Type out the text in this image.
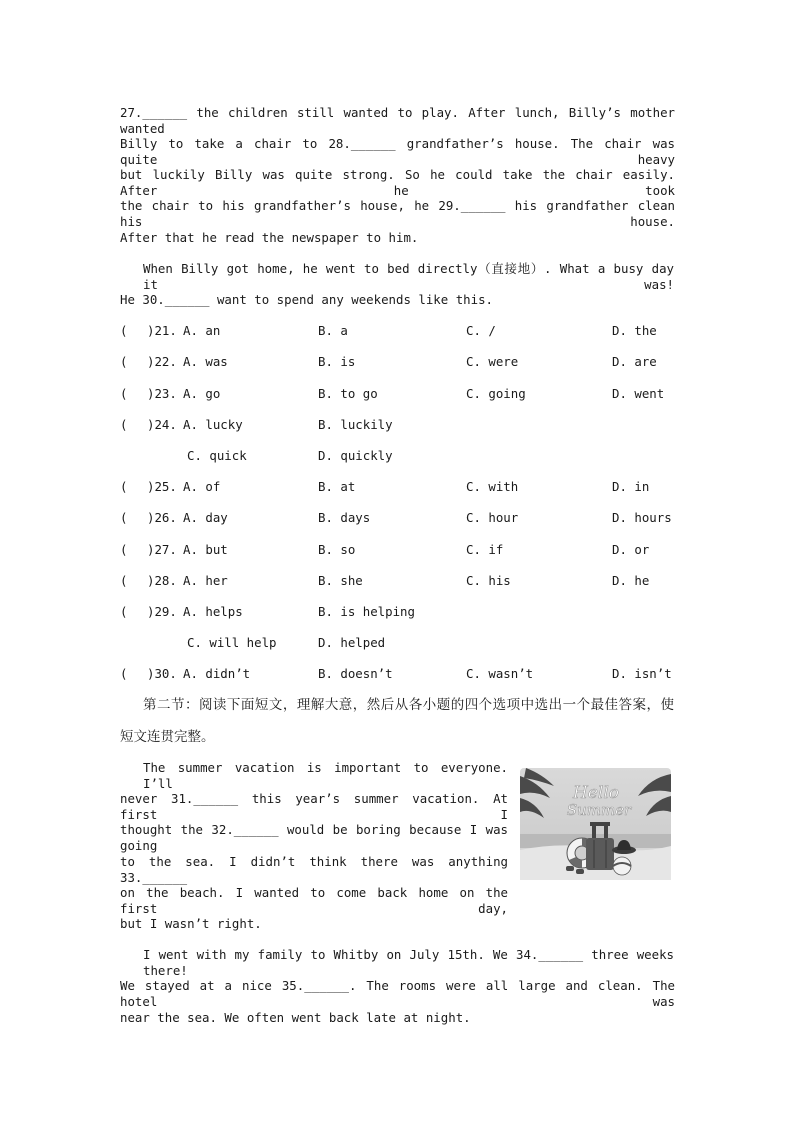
27.______ the children still wanted to play. After lunch, Billy’s mother wanted
Billy to take a chair to 28.______ grandfather’s house. The chair was quite heavy
but luckily Billy was quite strong. So he could take the chair easily. After he took
the chair to his grandfather’s house, he 29.______ his grandfather clean his house.
After that he read the newspaper to him.
When Billy got home, he went to bed directly（直接地）. What a busy day it was!
He 30.______ want to spend any weekends like this.
( )21. A. an	B. a	C. /	D. the
( )22. A. was	B. is	C. were	D. are
( )23. A. go	B. to go	C. going	D. went
( )24. A. lucky	B. luckily
C. quick	D. quickly
( )25. A. of	B. at	C. with	D. in
( )26. A. day	B. days	C. hour	D. hours
( )27. A. but	B. so	C. if	D. or
( )28. A. her	B. she	C. his	D. he
( )29. A. helps	B. is helping
C. will help	D. helped
( )30. A. didn’t	B. doesn’t	C. wasn’t	D. isn’t
第二节：阅读下面短文，理解大意，然后从各小题的四个选项中选出一个最佳答案，使
短文连贯完整。
The summer vacation is important to everyone. I’ll
never 31.______ this year’s summer vacation. At first I
thought the 32.______ would be boring because I was going
to the sea. I didn’t think there was anything 33.______
on the beach. I wanted to come back home on the first day,
but I wasn’t right.
I went with my family to Whitby on July 15th. We 34.______ three weeks there!
We stayed at a nice 35.______. The rooms were all large and clean. The hotel was
near the sea. We often went back late at night.
Hello
Summer
